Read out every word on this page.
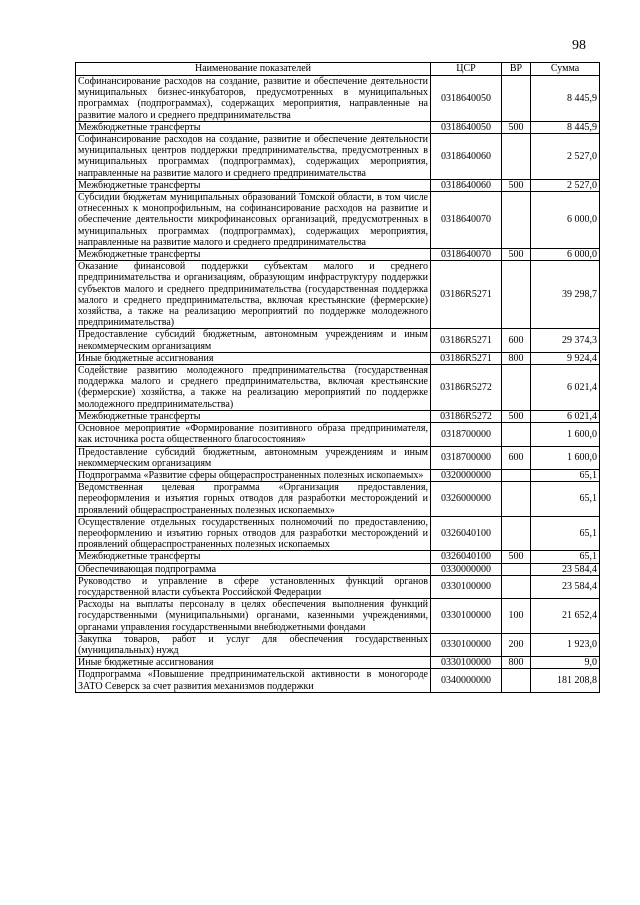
98
Наименование показателей	ЦСР	ВР	Сумма
Софинансирование расходов на создание, развитие и обеспечение деятельности муниципальных бизнес-инкубаторов, предусмотренных в муниципальных программах (подпрограммах), содержащих мероприятия, направленные на развитие малого и среднего предпринимательства	0318640050		8 445,9
Межбюджетные трансферты	0318640050	500	8 445,9
Софинансирование расходов на создание, развитие и обеспечение деятельности муниципальных центров поддержки предпринимательства, предусмотренных в муниципальных программах (подпрограммах), содержащих мероприятия, направленные на развитие малого и среднего предпринимательства	0318640060		2 527,0
Межбюджетные трансферты	0318640060	500	2 527,0
Субсидии бюджетам муниципальных образований Томской области, в том числе отнесенных к монопрофильным, на софинансирование расходов на развитие и обеспечение деятельности микрофинансовых организаций, предусмотренных в муниципальных программах (подпрограммах), содержащих мероприятия, направленные на развитие малого и среднего предпринимательства	0318640070		6 000,0
Межбюджетные трансферты	0318640070	500	6 000,0
Оказание финансовой поддержки субъектам малого и среднего предпринимательства и организациям, образующим инфраструктуру поддержки субъектов малого и среднего предпринимательства (государственная поддержка малого и среднего предпринимательства, включая крестьянские (фермерские) хозяйства, а также на реализацию мероприятий по поддержке молодежного предпринимательства)	03186R5271		39 298,7
Предоставление субсидий бюджетным, автономным учреждениям и иным некоммерческим организациям	03186R5271	600	29 374,3
Иные бюджетные ассигнования	03186R5271	800	9 924,4
Содействие развитию молодежного предпринимательства (государственная поддержка малого и среднего предпринимательства, включая крестьянские (фермерские) хозяйства, а также на реализацию мероприятий по поддержке молодежного предпринимательства)	03186R5272		6 021,4
Межбюджетные трансферты	03186R5272	500	6 021,4
Основное мероприятие «Формирование позитивного образа предпринимателя, как источника роста общественного благосостояния»	0318700000		1 600,0
Предоставление субсидий бюджетным, автономным учреждениям и иным некоммерческим организациям	0318700000	600	1 600,0
Подпрограмма «Развитие сферы общераспространенных полезных ископаемых»	0320000000		65,1
Ведомственная целевая программа «Организация предоставления, переоформления и изъятия горных отводов для разработки месторождений и проявлений общераспространенных полезных ископаемых»	0326000000		65,1
Осуществление отдельных государственных полномочий по предоставлению, переоформлению и изъятию горных отводов для разработки месторождений и проявлений общераспространенных полезных ископаемых	0326040100		65,1
Межбюджетные трансферты	0326040100	500	65,1
Обеспечивающая подпрограмма	0330000000		23 584,4
Руководство и управление в сфере установленных функций органов государственной власти субъекта Российской Федерации	0330100000		23 584,4
Расходы на выплаты персоналу в целях обеспечения выполнения функций государственными (муниципальными) органами, казенными учреждениями, органами управления государственными внебюджетными фондами	0330100000	100	21 652,4
Закупка товаров, работ и услуг для обеспечения государственных (муниципальных) нужд	0330100000	200	1 923,0
Иные бюджетные ассигнования	0330100000	800	9,0
Подпрограмма «Повышение предпринимательской активности в моногороде ЗАТО Северск за счет развития механизмов поддержки	0340000000		181 208,8
